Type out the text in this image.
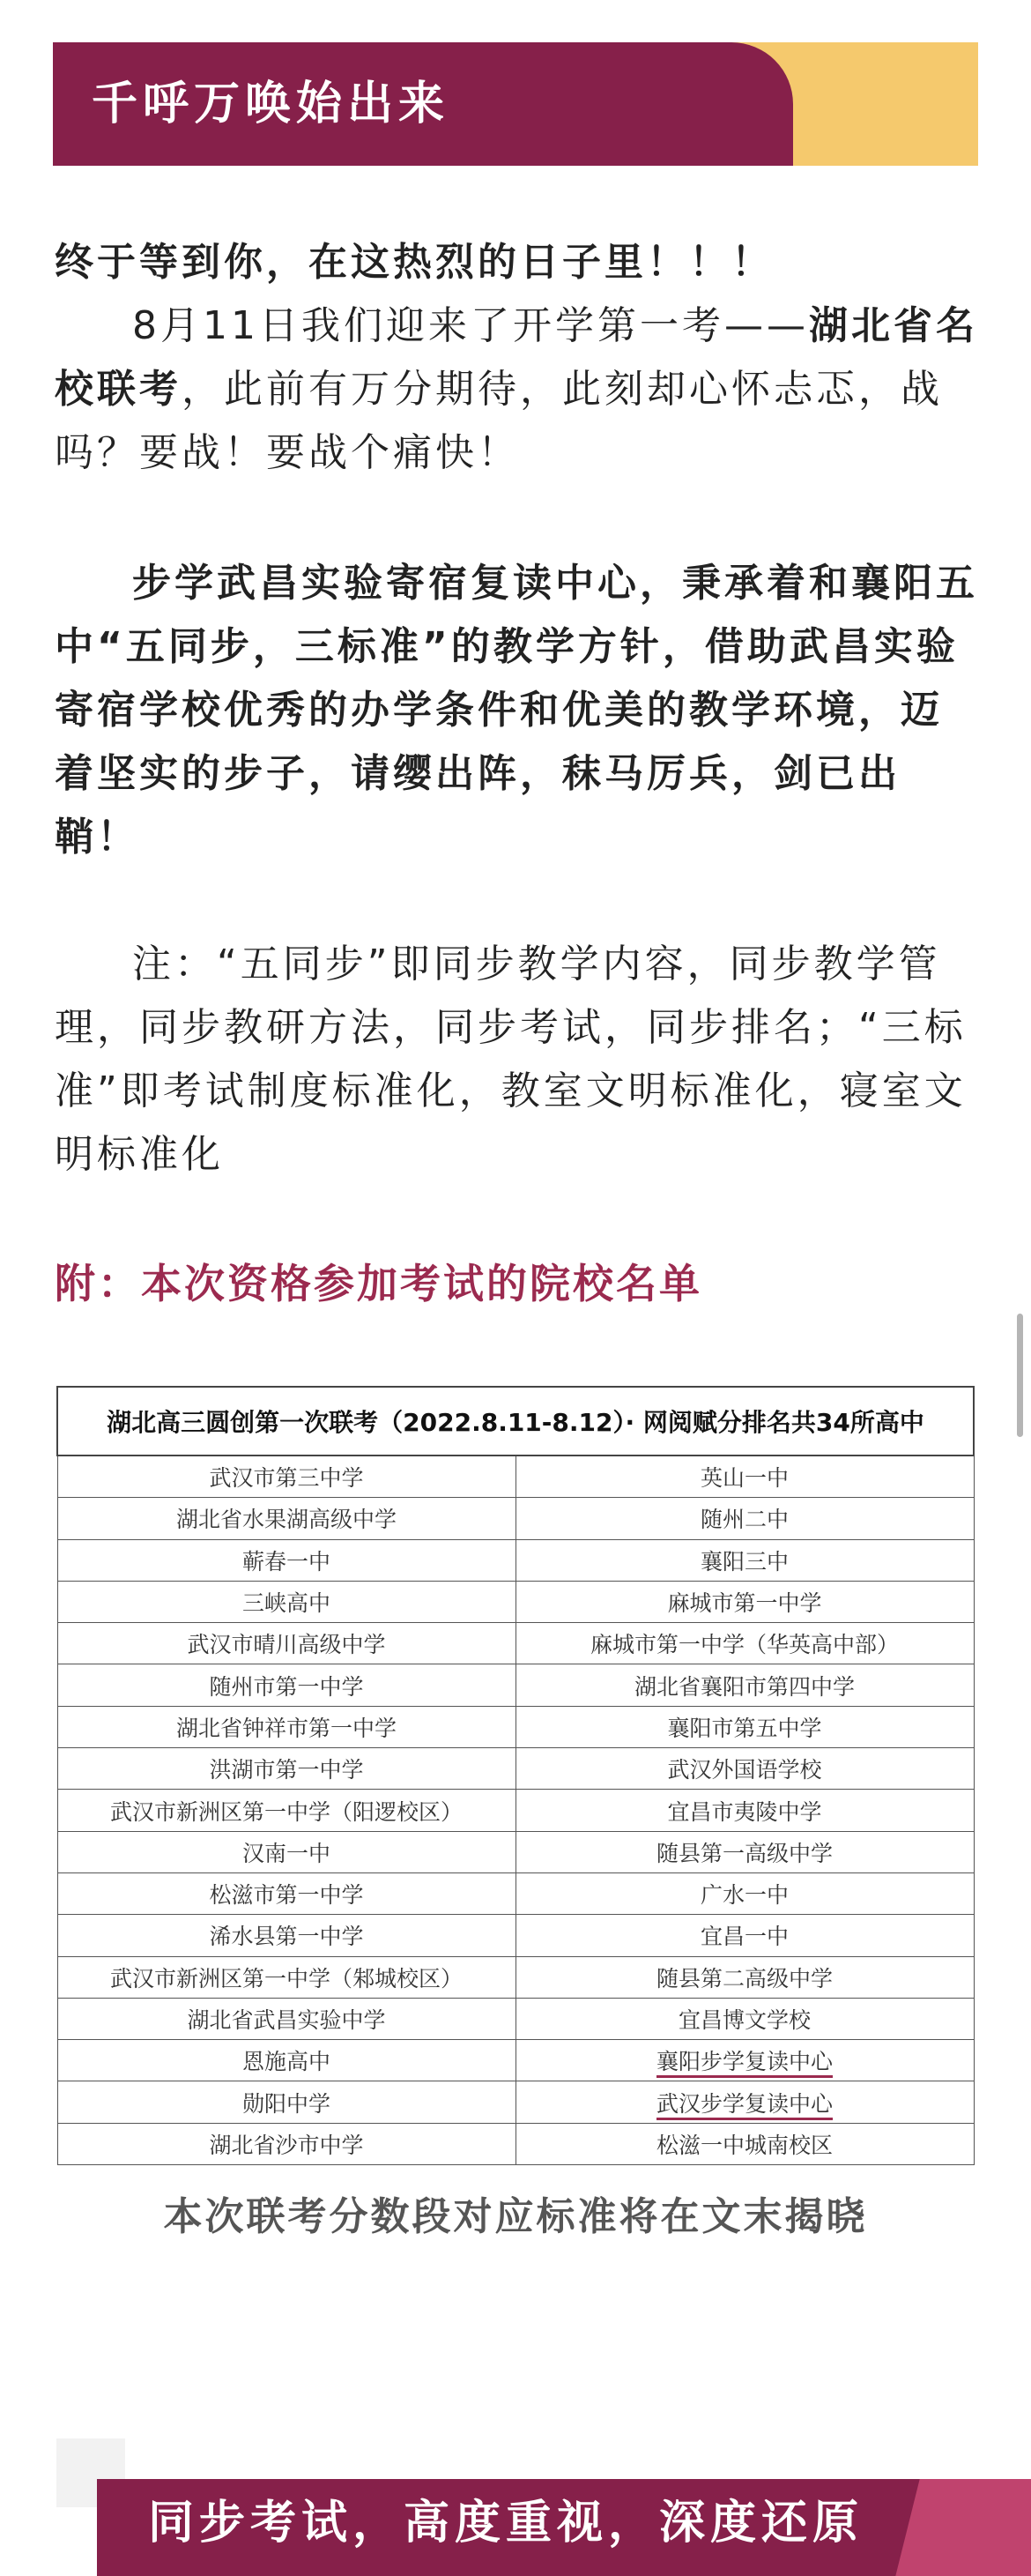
千呼万唤始出来

终于等到你，在这热烈的日子里！！！

8月11日我们迎来了开学第一考——湖北省名校联考，此前有万分期待，此刻却心怀忐忑，战吗？要战！要战个痛快！

步学武昌实验寄宿复读中心，秉承着和襄阳五中“五同步，三标准”的教学方针，借助武昌实验寄宿学校优秀的办学条件和优美的教学环境，迈着坚实的步子，请缨出阵，秣马厉兵，剑已出鞘！

注：“五同步”即同步教学内容，同步教学管理，同步教研方法，同步考试，同步排名；“三标准”即考试制度标准化，教室文明标准化，寝室文明标准化

附：本次资格参加考试的院校名单
湖北高三圆创第一次联考（2022.8.11-8.12）· 网阅赋分排名共34所高中	
武汉市第三中学	英山一中
湖北省水果湖高级中学	随州二中
蕲春一中	襄阳三中
三峡高中	麻城市第一中学
武汉市晴川高级中学	麻城市第一中学（华英高中部）
随州市第一中学	湖北省襄阳市第四中学
湖北省钟祥市第一中学	襄阳市第五中学
洪湖市第一中学	武汉外国语学校
武汉市新洲区第一中学（阳逻校区）	宜昌市夷陵中学
汉南一中	随县第一高级中学
松滋市第一中学	广水一中
浠水县第一中学	宜昌一中
武汉市新洲区第一中学（邾城校区）	随县第二高级中学
湖北省武昌实验中学	宜昌博文学校
恩施高中	襄阳步学复读中心
勋阳中学	武汉步学复读中心
湖北省沙市中学	松滋一中城南校区
本次联考分数段对应标准将在文末揭晓
同步考试，高度重视，深度还原
